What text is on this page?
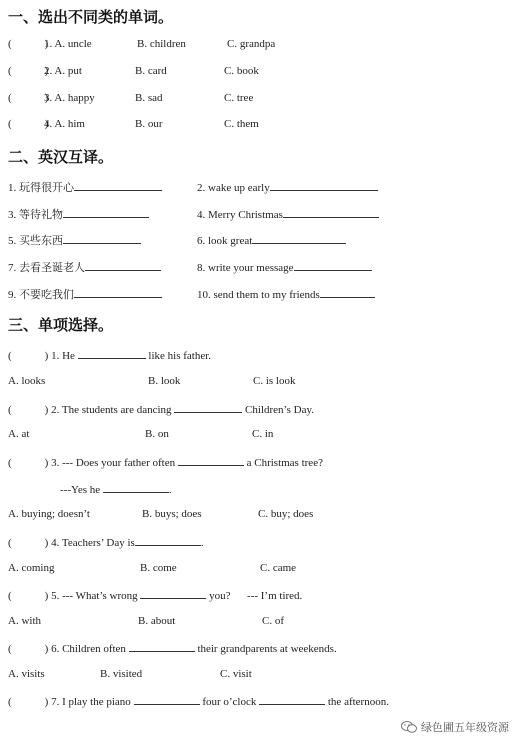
一、选出不同类的单词。
(　　　)
1. A. uncle	B. children	C. grandpa
(　　　)
2. A. put	B. card	C. book
(　　　)
3. A. happy	B. sad	C. tree
(　　　)
4. A. him	B. our	C. them
二、英汉互译。
1. 玩得很开心	2. wake up early
3. 等待礼物	4. Merry Christmas
5. 买些东西	6. look great
7. 去看圣诞老人	8. write your message
9. 不要吃我们	10. send them to my friends
三、单项选择。
(　　　) 1. He	like his father.
A. looks	B. look	C. is look
(　　　) 2. The students are dancing	Children’s Day.
A. at	B. on	C. in
(　　　) 3. --- Does your father often	a Christmas tree?
---Yes he	.
A. buying; doesn’t	B. buys; does	C. buy; does
(　　　) 4. Teachers’ Day is	.
A. coming	B. come	C. came
(　　　) 5. --- What’s wrong	you? --- I’m tired.
A. with	B. about	C. of
(　　　) 6. Children often	their grandparents at weekends.
A. visits	B. visited	C. visit
(　　　) 7. I play the piano	four o’clock	the afternoon.
绿色圃五年级资源
